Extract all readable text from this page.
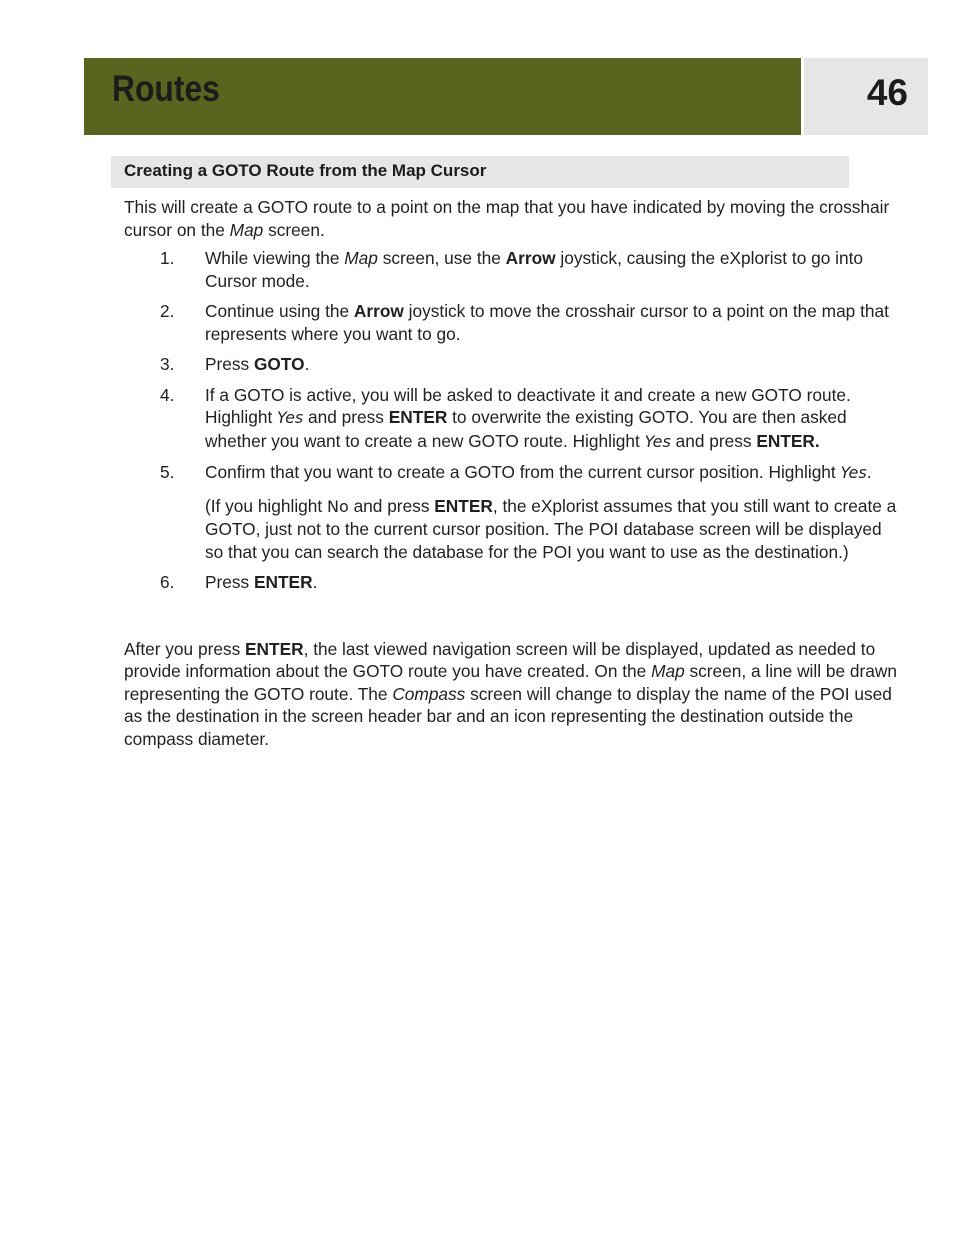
Routes	46
Creating a GOTO Route from the Map Cursor

This will create a GOTO route to a point on the map that you have indicated by moving the crosshair cursor on the Map screen.

1. While viewing the Map screen, use the Arrow joystick, causing the eXplorist to go into Cursor mode.
2. Continue using the Arrow joystick to move the crosshair cursor to a point on the map that represents where you want to go.
3. Press GOTO.
4. If a GOTO is active, you will be asked to deactivate it and create a new GOTO route. Highlight Yes and press ENTER to overwrite the existing GOTO. You are then asked whether you want to create a new GOTO route. Highlight Yes and press ENTER.
5. Confirm that you want to create a GOTO from the current cursor position. Highlight Yes.

(If you highlight No and press ENTER, the eXplorist assumes that you still want to create a GOTO, just not to the current cursor position. The POI database screen will be displayed so that you can search the database for the POI you want to use as the destination.)

6. Press ENTER.

After you press ENTER, the last viewed navigation screen will be displayed, updated as needed to provide information about the GOTO route you have created. On the Map screen, a line will be drawn representing the GOTO route. The Compass screen will change to display the name of the POI used as the destination in the screen header bar and an icon representing the destination outside the compass diameter.
